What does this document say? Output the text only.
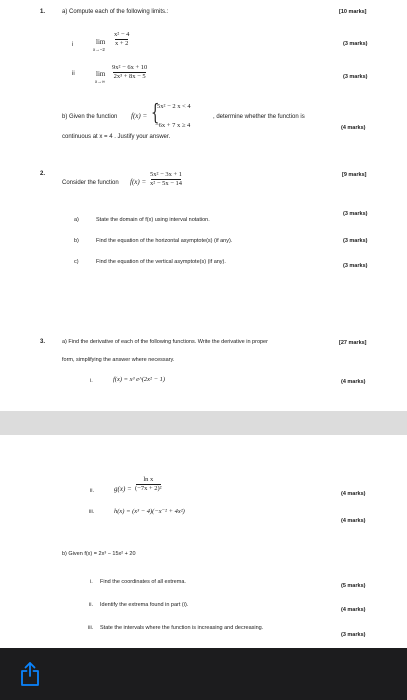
1.	a) Compute each of the following limits.:	[10 marks]
i	lim
x→−2
x² − 4
x + 2	(3 marks)
ii	lim
x→∞
9x² − 6x + 10
2x³ + 8x − 5	(3 marks)
b) Given the function f(x) = {
5x² − 2 x < 4
−6x + 7 x ≥ 4
, determine whether the function is
(4 marks)
continuous at x = 4 . Justify your answer.
2.
Consider the function f(x) =
5x² − 3x + 1
x² − 5x − 14
[9 marks]
a)	State the domain of f(x) using interval notation.
(3 marks)
b)	Find the equation of the horizontal asymptote(s) (if any).	(3 marks)
c)	Find the equation of the vertical asymptote(s) (if any).
(3 marks)
3.	a) Find the derivative of each of the following functions. Write the derivative in proper	[27 marks]
form, simplifying the answer where necessary.
i.	f(x) = x³ e^(2x² − 1)	(4 marks)
ii.	g(x) =
ln x
(−7x + 2)²
(4 marks)
iii.	h(x) = (x³ − 4)(−x⁻² + 4x²)
(4 marks)
b) Given f(x) = 2x³ − 15x² + 20
i. Find the coordinates of all extrema.
(5 marks)
ii. Identify the extrema found in part (i).
(4 marks)
iii. State the intervals where the function is increasing and decreasing.
(3 marks)
